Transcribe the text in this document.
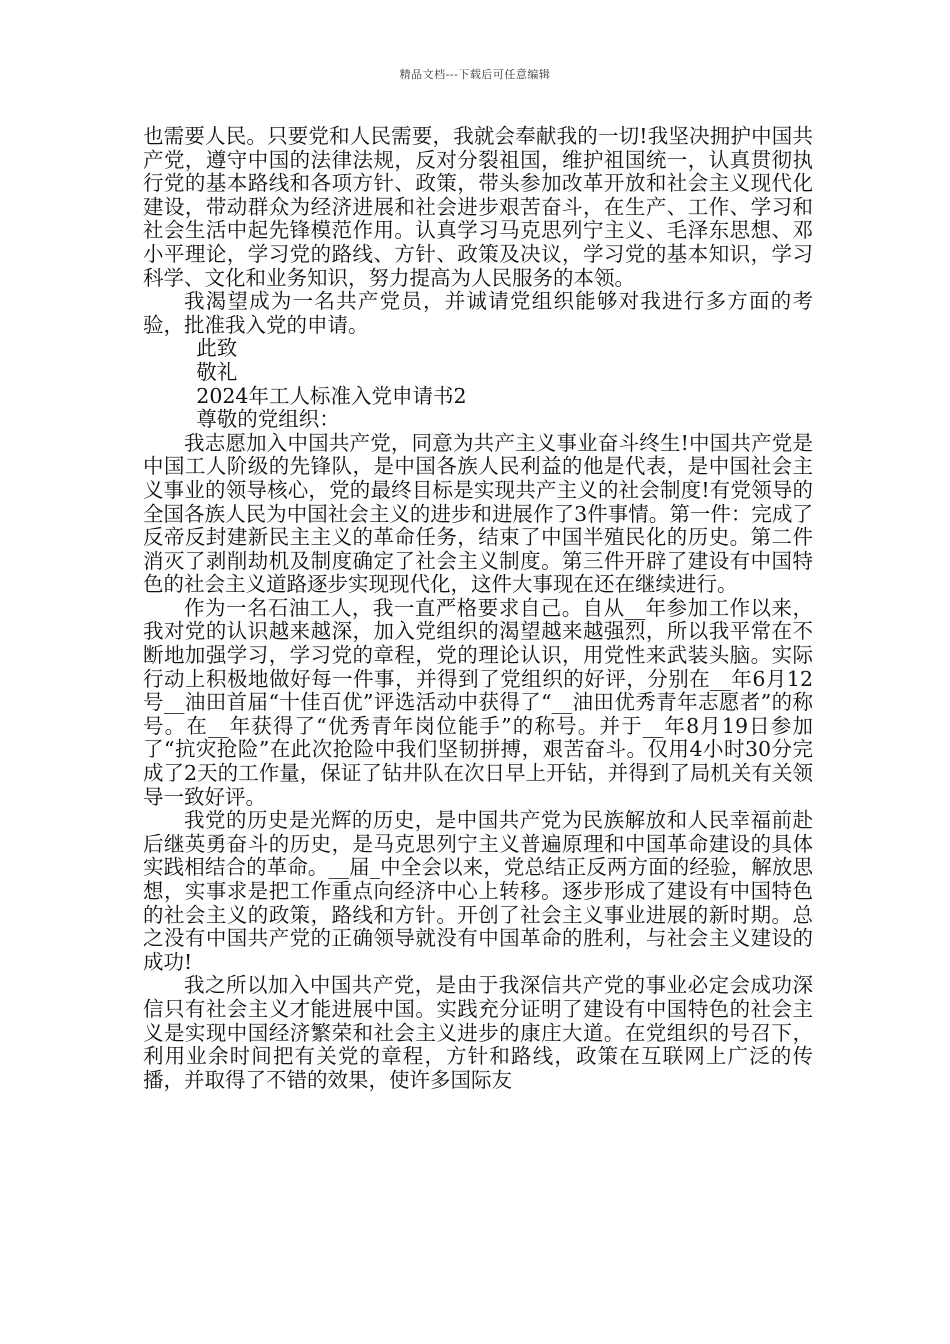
精品文档---下载后可任意编辑

也需要人民。只要党和人民需要，我就会奉献我的一切!我坚决拥护中国共产党，遵守中国的法律法规，反对分裂祖国，维护祖国统一，认真贯彻执行党的基本路线和各项方针、政策，带头参加改革开放和社会主义现代化建设，带动群众为经济进展和社会进步艰苦奋斗，在生产、工作、学习和社会生活中起先锋模范作用。认真学习马克思列宁主义、毛泽东思想、邓小平理论，学习党的路线、方针、政策及决议，学习党的基本知识，学习科学、文化和业务知识，努力提高为人民服务的本领。

我渴望成为一名共产党员，并诚请党组织能够对我进行多方面的考验，批准我入党的申请。

此致

敬礼

2024年工人标准入党申请书2

尊敬的党组织：

我志愿加入中国共产党，同意为共产主义事业奋斗终生!中国共产党是中国工人阶级的先锋队，是中国各族人民利益的他是代表，是中国社会主义事业的领导核心，党的最终目标是实现共产主义的社会制度!有党领导的全国各族人民为中国社会主义的进步和进展作了3件事情。第一件：完成了反帝反封建新民主主义的革命任务，结束了中国半殖民化的历史。第二件消灭了剥削劫机及制度确定了社会主义制度。第三件开辟了建设有中国特色的社会主义道路逐步实现现代化，这件大事现在还在继续进行。

作为一名石油工人，我一直严格要求自己。自从__年参加工作以来，我对党的认识越来越深，加入党组织的渴望越来越强烈，所以我平常在不断地加强学习，学习党的章程，党的理论认识，用党性来武装头脑。实际行动上积极地做好每一件事，并得到了党组织的好评，分别在__年6月12号__油田首届“十佳百优”评选活动中获得了“__油田优秀青年志愿者”的称号。在__年获得了“优秀青年岗位能手”的称号。并于__年8月19日参加了“抗灾抢险”在此次抢险中我们坚韧拼搏，艰苦奋斗。仅用4小时30分完成了2天的工作量，保证了钻井队在次日早上开钻，并得到了局机关有关领导一致好评。

我党的历史是光辉的历史，是中国共产党为民族解放和人民幸福前赴后继英勇奋斗的历史，是马克思列宁主义普遍原理和中国革命建设的具体实践相结合的革命。__届_中全会以来，党总结正反两方面的经验，解放思想，实事求是把工作重点向经济中心上转移。逐步形成了建设有中国特色的社会主义的政策，路线和方针。开创了社会主义事业进展的新时期。总之没有中国共产党的正确领导就没有中国革命的胜利，与社会主义建设的成功!

我之所以加入中国共产党，是由于我深信共产党的事业必定会成功深信只有社会主义才能进展中国。实践充分证明了建设有中国特色的社会主义是实现中国经济繁荣和社会主义进步的康庄大道。在党组织的号召下，利用业余时间把有关党的章程，方针和路线，政策在互联网上广泛的传播，并取得了不错的效果，使许多国际友
